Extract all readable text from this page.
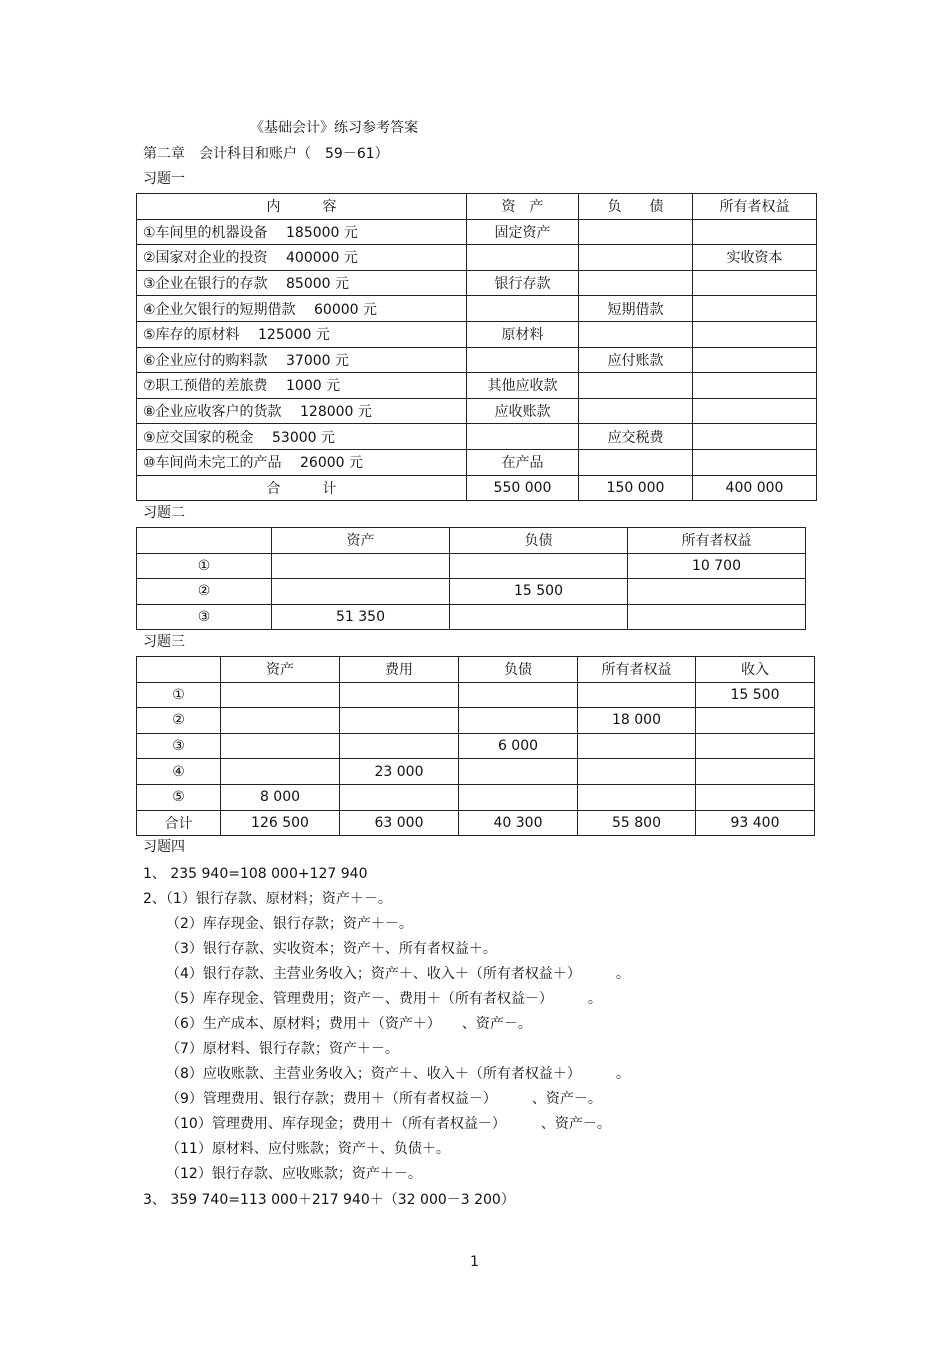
《基础会计》练习参考答案
第二章　会计科目和账户（　59－61）
习题一
内　　　容	资　产	负　　债	所有者权益
①车间里的机器设备　 185000 元	固定资产		
②国家对企业的投资　 400000 元			实收资本
③企业在银行的存款　 85000 元	银行存款		
④企业欠银行的短期借款　 60000 元		短期借款	
⑤库存的原材料　 125000 元	原材料		
⑥企业应付的购料款　 37000 元		应付账款	
⑦职工预借的差旅费　 1000 元	其他应收款		
⑧企业应收客户的货款　 128000 元	应收账款		
⑨应交国家的税金　 53000 元		应交税费	
⑩车间尚未完工的产品　 26000 元	在产品		
合　　　计	550 000	150 000	400 000
习题二
	资产	负债	所有者权益
①			10 700
②		15 500	
③	51 350		
习题三
	资产	费用	负债	所有者权益	收入
①					15 500
②				18 000	
③			6 000		
④		23 000			
⑤	8 000				
合计	126 500	63 000	40 300	55 800	93 400
习题四
1、 235 940=108 000+127 940
2、（1）银行存款、原材料；资产＋－。
（2）库存现金、银行存款；资产＋－。
（3）银行存款、实收资本；资产＋、所有者权益＋。
（4）银行存款、主营业务收入；资产＋、收入＋（所有者权益＋）　　　。
（5）库存现金、管理费用；资产－、费用＋（所有者权益－）　　　。
（6）生产成本、原材料；费用＋（资产＋）　　、资产－。
（7）原材料、银行存款；资产＋－。
（8）应收账款、主营业务收入；资产＋、收入＋（所有者权益＋）　　　。
（9）管理费用、银行存款；费用＋（所有者权益－）　　　、资产－。
（10）管理费用、库存现金；费用＋（所有者权益－）　　　、资产－。
（11）原材料、应付账款；资产＋、负债＋。
（12）银行存款、应收账款；资产＋－。
3、 359 740=113 000＋217 940＋（32 000－3 200）
1
